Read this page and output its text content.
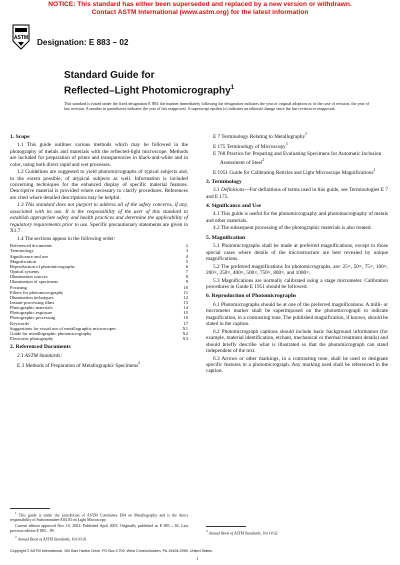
NOTICE: This standard has either been superseded and replaced by a new version or withdrawn.
Contact ASTM International (www.astm.org) for the latest information
ASTM Designation: E 883 – 02
Standard Guide for
Reflected–Light Photomicrography$^1$
This standard is issued under the fixed designation E 883; the number immediately following the designation indicates the year of original adoption or, in the case of revision, the year of last revision. A number in parentheses indicates the year of last reapproval. A superscript epsilon (ε) indicates an editorial change since the last revision or reapproval.
1. Scope

1.1 This guide outlines various methods which may be followed in the photography of metals and materials with the reflected-light microscope. Methods are included for preparation of prints and transparencies in black-and-white and in color, using both direct rapid and wet processes.

1.2 Guidelines are suggested to yield photomicrographs of typical subjects and, to the extent possible, of atypical subjects as well. Information is included concerning techniques for the enhanced display of specific material features. Descriptive material is provided where necessary to clarify procedures. References are cited where detailed descriptions may be helpful.

1.3 This standard does not purport to address all of the safety concerns, if any, associated with its use. It is the responsibility of the user of this standard to establish appropriate safety and health practices and determine the applicability of regulatory requirements prior to use. Specific precautionary statements are given in X1.7.

1.4 The sections appear in the following order:

Referenced documents	2
Terminology	3
Significance and use	4
Magnification	5
Reproduction of photomicrographs	6
Optical systems	7
Illumination sources	8
Illumination of specimens	9
Focusing	10
Filters for photomicrography	11
Illumination techniques	12
Instant-processing films	13
Photographic materials	14
Photographic exposure	15
Photographic processing	16
Keywords	17
Suggestions for visual use of metallographic microscopes	X1
Guide for metallographic photomicrography	X2
Electronic photography	X3
2. Referenced Documents

2.1 ASTM Standards:

E 3 Methods of Preparation of Metallographic Specimens$^2$
E 7 Terminology Relating to Metallography$^2$
E 175 Terminology of Microscopy$^3$
E 768 Practice for Preparing and Evaluating Specimens for Automatic Inclusion Assessment of Steel$^2$
E 1951 Guide for Calibrating Reticles and Light Microscope Magnifications$^2$
3. Terminology

3.1 Definitions—For definitions of terms used in this guide, see Terminologies E 7 and E 175.

4. Significance and Use

4.1 This guide is useful for the photomicrography and photomacrography of metals and other materials.

4.2 The subsequent processing of the photographic materials is also treated.

5. Magnification

5.1 Photomicrographs shall be made at preferred magnifications, except in those special cases where details of the microstructure are best revealed by unique magnifications.

5.2 The preferred magnifications for photomicrographs, are: 25×, 50×, 75×, 100×, 200×, 250×, 400×, 500×, 750×, 800×, and 1000×.

5.3 Magnifications are normally calibrated using a stage micrometer. Calibration procedures in Guide E 1951 should be followed.

6. Reproduction of Photomicrographs

6.1 Photomicrographs should be at one of the preferred magnifications. A milli- or micrometer marker shall be superimposed on the photomicrograph to indicate magnification, in a contrasting tone. The published magnification, if known, should be stated in the caption.

6.2 Photomicrograph captions should include basic background information (for example, material identification, etchant, mechanical or thermal treatment details) and should briefly describe what is illustrated so that the photomicrograph can stand independent of the text.

6.3 Arrows or other markings, in a contrasting tone, shall be used to designate specific features in a photomicrograph. Any marking used shall be referenced in the caption.

$^1$ This guide is under the jurisdiction of ASTM Committee E04 on Metallography and is the direct responsibility of Subcommittee E04.03 on Light Microscopy.

Current edition approved Nov 10, 2002. Published April 2003. Originally published as E 883 – 82. Last previous edition E 883 – 99.

$^2$ Annual Book of ASTM Standards, Vol 03.01.

$^3$ Annual Book of ASTM Standards, Vol 14.02.
Copyright © ASTM International, 100 Barr Harbor Drive, PO Box C700, West Conshohocken, PA 19428-2959, United States.
1
